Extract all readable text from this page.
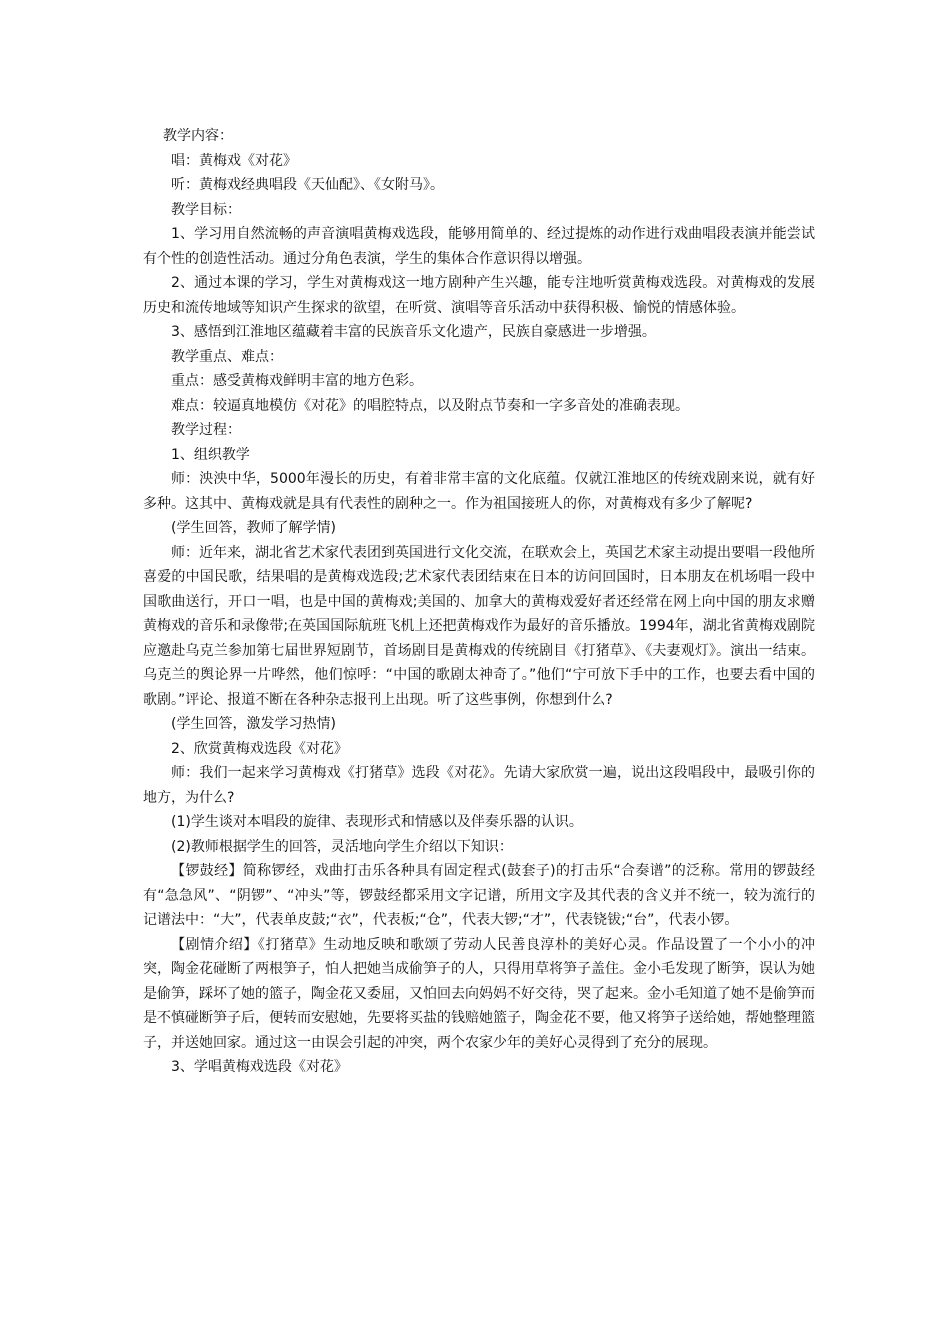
教学内容：

唱：黄梅戏《对花》

听：黄梅戏经典唱段《天仙配》、《女附马》。

教学目标：

1、学习用自然流畅的声音演唱黄梅戏选段，能够用简单的、经过提炼的动作进行戏曲唱段表演并能尝试有个性的创造性活动。通过分角色表演，学生的集体合作意识得以增强。

2、通过本课的学习，学生对黄梅戏这一地方剧种产生兴趣，能专注地听赏黄梅戏选段。对黄梅戏的发展历史和流传地域等知识产生探求的欲望，在听赏、演唱等音乐活动中获得积极、愉悦的情感体验。

3、感悟到江淮地区蕴藏着丰富的民族音乐文化遗产，民族自豪感进一步增强。

教学重点、难点：

重点：感受黄梅戏鲜明丰富的地方色彩。

难点：较逼真地模仿《对花》的唱腔特点，以及附点节奏和一字多音处的准确表现。

教学过程：

1、组织教学

师：泱泱中华，5000年漫长的历史，有着非常丰富的文化底蕴。仅就江淮地区的传统戏剧来说，就有好多种。这其中、黄梅戏就是具有代表性的剧种之一。作为祖国接班人的你，对黄梅戏有多少了解呢?

(学生回答，教师了解学情)

师：近年来，湖北省艺术家代表团到英国进行文化交流，在联欢会上，英国艺术家主动提出要唱一段他所喜爱的中国民歌，结果唱的是黄梅戏选段;艺术家代表团结束在日本的访问回国时，日本朋友在机场唱一段中国歌曲送行，开口一唱，也是中国的黄梅戏;美国的、加拿大的黄梅戏爱好者还经常在网上向中国的朋友求赠黄梅戏的音乐和录像带;在英国国际航班飞机上还把黄梅戏作为最好的音乐播放。1994年，湖北省黄梅戏剧院应邀赴乌克兰参加第七届世界短剧节，首场剧目是黄梅戏的传统剧目《打猪草》、《夫妻观灯》。演出一结束。乌克兰的舆论界一片哗然，他们惊呼：“中国的歌剧太神奇了。”他们“宁可放下手中的工作，也要去看中国的歌剧。”评论、报道不断在各种杂志报刊上出现。听了这些事例，你想到什么?

(学生回答，激发学习热情)

2、欣赏黄梅戏选段《对花》

师：我们一起来学习黄梅戏《打猪草》选段《对花》。先请大家欣赏一遍，说出这段唱段中，最吸引你的地方，为什么?

(1)学生谈对本唱段的旋律、表现形式和情感以及伴奏乐器的认识。

(2)教师根据学生的回答，灵活地向学生介绍以下知识：

【锣鼓经】简称锣经，戏曲打击乐各种具有固定程式(鼓套子)的打击乐“合奏谱”的泛称。常用的锣鼓经有“急急风”、“阴锣”、“冲头”等，锣鼓经都采用文字记谱，所用文字及其代表的含义并不统一，较为流行的记谱法中：“大”，代表单皮鼓;“衣”，代表板;“仓”，代表大锣;“才”，代表铙钹;“台”，代表小锣。

【剧情介绍】《打猪草》生动地反映和歌颂了劳动人民善良淳朴的美好心灵。作品设置了一个小小的冲突，陶金花碰断了两根笋子，怕人把她当成偷笋子的人，只得用草将笋子盖住。金小毛发现了断笋，误认为她是偷笋，踩坏了她的篮子，陶金花又委屈，又怕回去向妈妈不好交待，哭了起来。金小毛知道了她不是偷笋而是不慎碰断笋子后，便转而安慰她，先要将买盐的钱赔她篮子，陶金花不要，他又将笋子送给她，帮她整理篮子，并送她回家。通过这一由误会引起的冲突，两个农家少年的美好心灵得到了充分的展现。

3、学唱黄梅戏选段《对花》
